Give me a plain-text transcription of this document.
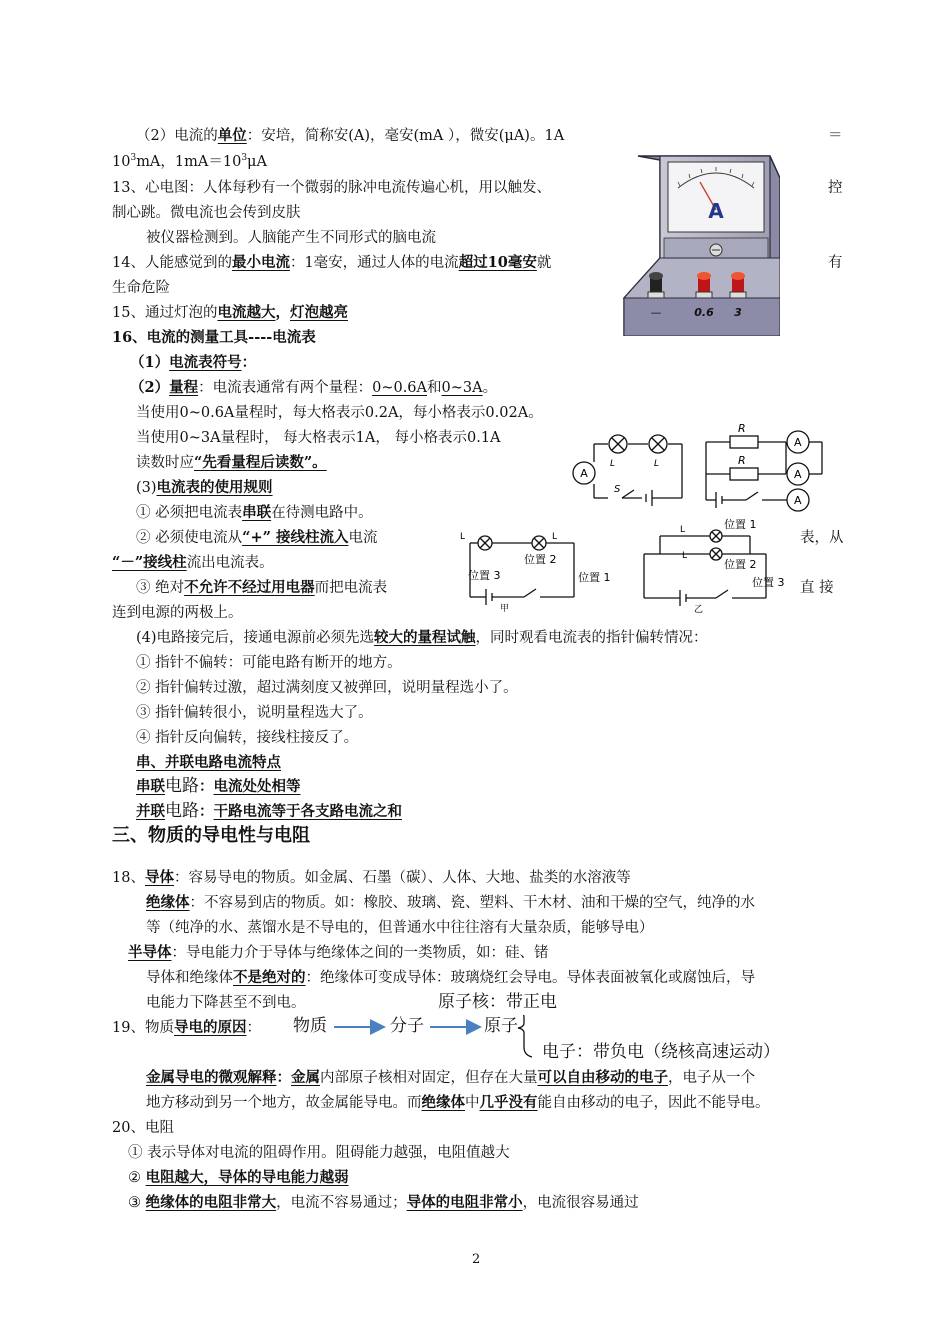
（2）电流的单位：安培，简称安(A)，毫安(mA ），微安(μA)。1A	＝
$10^3mA$，$1mA=10^3\mu A$
13、心电图：人体每秒有一个微弱的脉冲电流传遍心机，用以触发、	控
制心跳。微电流也会传到皮肤
被仪器检测到。人脑能产生不同形式的脑电流
14、人能感觉到的最小电流：1毫安，通过人体的电流超过10毫安就	有
生命危险
15、通过灯泡的电流越大，灯泡越亮
16、电流的测量工具----电流表
（1）电流表符号：
（2）量程：电流表通常有两个量程：0~0.6A和0~3A。
当使用0~0.6A量程时，每大格表示0.2A，每小格表示0.02A。
当使用0~3A量程时， 每大格表示1A， 每小格表示0.1A
读数时应“先看量程后读数”。
(3)电流表的使用规则
① 必须把电流表串联在待测电路中。
② 必须使电流从“+” 接线柱流入电流	表，从
“－”接线柱流出电流表。
③ 绝对不允许不经过用电器而把电流表	直 接
连到电源的两极上。
(4)电路接完后，接通电源前必须先选较大的量程试触，同时观看电流表的指针偏转情况：
① 指针不偏转：可能电路有断开的地方。
② 指针偏转过激，超过满刻度又被弹回，说明量程选小了。
③ 指针偏转很小，说明量程选大了。
④ 指针反向偏转，接线柱接反了。
串、并联电路电流特点
串联电路：电流处处相等
并联电路：干路电流等于各支路电流之和
三、物质的导电性与电阻
18、导体：容易导电的物质。如金属、石墨（碳）、人体、大地、盐类的水溶液等
绝缘体：不容易到店的物质。如：橡胶、玻璃、瓷、塑料、干木材、油和干燥的空气，纯净的水
等（纯净的水、蒸馏水是不导电的，但普通水中往往溶有大量杂质，能够导电）
半导体：导电能力介于导体与绝缘体之间的一类物质，如：硅、锗
导体和绝缘体不是绝对的：绝缘体可变成导体：玻璃烧红会导电。导体表面被氧化或腐蚀后，导
电能力下降甚至不到电。	原子核：带正电
19、物质导电的原因： 物质	分子	原子
电子：带负电（绕核高速运动）
金属导电的微观解释：金属内部原子核相对固定，但存在大量可以自由移动的电子，电子从一个
地方移动到另一个地方，故金属能导电。而绝缘体中几乎没有能自由移动的电子，因此不能导电。
20、电阻
① 表示导体对电流的阻碍作用。阻碍能力越强，电阻值越大
② 电阻越大，导体的导电能力越弱
③ 绝缘体的电阻非常大，电流不容易通过；导体的电阻非常小，电流很容易通过
2
A
—	0.6 3
A
L	L
S
R
R
A
A
A
L	L
位置 2
位置 3	位置 1
甲
L
L
位置 1
位置 2
位置 3
乙
